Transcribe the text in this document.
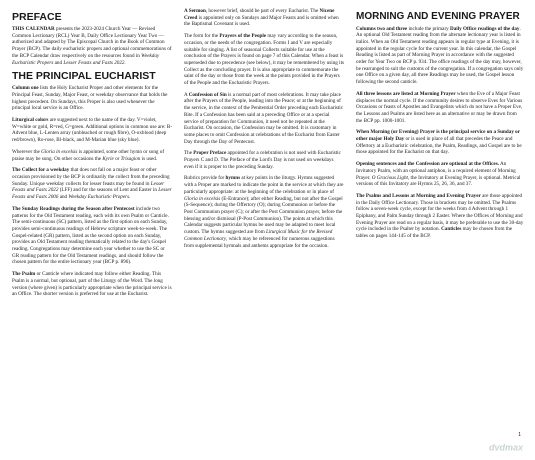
PREFACE

THIS CALENDAR presents the 2023-2024 Church Year — Revised Common Lectionary (RCL) Year B, Daily Office Lectionary Year Two — authorized and adapted by The Episcopal Church in the Book of Common Prayer (BCP). The daily eucharistic propers and optional commemorations of the BCP Calendar draw respectively on the resources found in Weekday Eucharistic Propers and Lesser Feasts and Fasts 2022.

THE PRINCIPAL EUCHARIST

Column one lists the Holy Eucharist Proper and other elements for the Principal Feast, Sunday, Major Feast, or weekday observance that holds the highest precedent. On Sundays, this Proper is also used whenever the principal local service is an Office.

Liturgical colors are suggested next to the name of the day. V=violet, W=white or gold, R=red, G=green. Additional options in common use are: B-Advent blue, L-Lenten array (unbleached or rough fibre), O-oxblood (deep red/brown), Ro-rose, Bl-black, and M-Marian blue (sky blue).

Wherever the Gloria in excelsis is appointed, some other hymn or song of praise may be sung. On other occasions the Kyrie or Trisagion is used.

The Collect for a weekday that does not fall on a major feast or other occasion provisioned by the BCP is ordinarily the collect from the preceding Sunday. Unique weekday collects for lesser feasts may be found in Lesser Feasts and Fasts 2022 (LFF) and for the seasons of Lent and Easter in Lesser Feasts and Fasts 2006 and Weekday Eucharistic Propers.

The Sunday Readings during the Season after Pentecost include two patterns for the Old Testament reading, each with its own Psalm or Canticle. The semi-continuous (SC) pattern, listed as the first option on each Sunday, provides semi-continuous readings of Hebrew scripture week-to-week. The Gospel-related (GR) pattern, listed as the second option on each Sunday, provides an Old Testament reading thematically related to the day's Gospel reading. Congregations may determine each year whether to use the SC or GR reading pattern for the Old Testament readings, and should follow the chosen pattern for the entire lectionary year (BCP p. 896).

The Psalm or Canticle where indicated may follow either Reading. This Psalm is a normal, but optional, part of the Liturgy of the Word. The long version (where given) is particularly appropriate when the principal service is an Office. The shorter version is preferred for use at the Eucharist.

A Sermon, however brief, should be part of every Eucharist. The Nicene Creed is appointed only on Sundays and Major Feasts and is omitted when the Baptismal Covenant is used.

The form for the Prayers of the People may vary according to the season, occasion, or the needs of the congregation. Forms I and V are especially suitable for singing. A list of seasonal Collects suitable for use at the conclusion of the Prayers is found on page 7 of this Calendar. When a feast is superseded due to precedence (see below), it may be remembered by using its Collect as the concluding prayer. It is also appropriate to commemorate the saint of the day or those from the week at the points provided in the Prayers of the People and the Eucharistic Prayers.

A Confession of Sin is a normal part of most celebrations. It may take place after the Prayers of the People, leading into the Peace; or at the beginning of the service, in the context of the Penitential Order preceding each Eucharistic Rite. If a Confession has been said at a preceding Office or at a special service of preparation for Communion, it need not be repeated at the Eucharist. On occasion, the Confession may be omitted. It is customary in some places to omit Confession at celebrations of the Eucharist from Easter Day through the Day of Pentecost.

The Proper Preface appointed for a celebration is not used with Eucharistic Prayers C and D. The Preface of the Lord's Day is not used on weekdays even if it is proper to the preceding Sunday.

Rubrics provide for hymns at key points in the liturgy. Hymns suggested with a Proper are marked to indicate the point in the service at which they are particularly appropriate: at the beginning of the celebration or in place of Gloria in excelsis (E-Entrance); after either Reading, but not after the Gospel (S-Sequence); during the Offertory (O); during Communion or before the Post Communion prayer (C); or after the Post Communion prayer, before the blessing and/or dismissal (P-Post Communion). The points at which this Calendar suggests particular hymns be used may be adapted to meet local custom. The hymns suggested are from Liturgical Music for the Revised Common Lectionary, which may be referenced for numerous suggestions from supplemental hymnals and anthems appropriate for the occasion.

MORNING AND EVENING PRAYER

Columns two and three include the primary Daily Office readings of the day. An optional Old Testament reading from the alternate lectionary year is listed in italics. When an Old Testament reading appears in regular type at Evening, it is appointed in the regular cycle for the current year. In this calendar, the Gospel Reading is listed as part of Morning Prayer in accordance with the suggested order for Year Two on BCP p. 934. The office readings of the day may, however, be rearranged to suit the customs of the congregation. If a congregation says only one Office on a given day, all three Readings may be used, the Gospel lesson following the second canticle.

All three lessons are listed at Morning Prayer when the Eve of a Major Feast displaces the normal cycle. If the community desires to observe Eves for Various Occasions or feasts of Apostles and Evangelists which do not have a Proper Eve, the Lessons and Psalms are listed here as an alternative or may be drawn from the BCP pp. 1000-1001.

When Morning (or Evening) Prayer is the principal service on a Sunday or other major Holy Day or is used in place of all that precedes the Peace and Offertory at a Eucharistic celebration, the Psalm, Readings, and Gospel are to be those appointed for the Eucharist on that day.

Opening sentences and the Confession are optional at the Offices. An Invitatory Psalm, with an optional antiphon, is a required element of Morning Prayer. O Gracious Light, the Invitatory at Evening Prayer, is optional. Metrical versions of this Invitatory are Hymns 25, 26, 36, and 37.

The Psalms and Lessons at Morning and Evening Prayer are those appointed in the Daily Office Lectionary. Those in brackets may be omitted. The Psalms follow a seven-week cycle, except for the weeks from 4 Advent through 1 Epiphany, and Palm Sunday through 2 Easter. Where the Offices of Morning and Evening Prayer are read on a regular basis, it may be preferable to use the 30-day cycle included in the Psalter by notation. Canticles may be chosen from the tables on pages 144-145 of the BCP.

1
dvdmax
